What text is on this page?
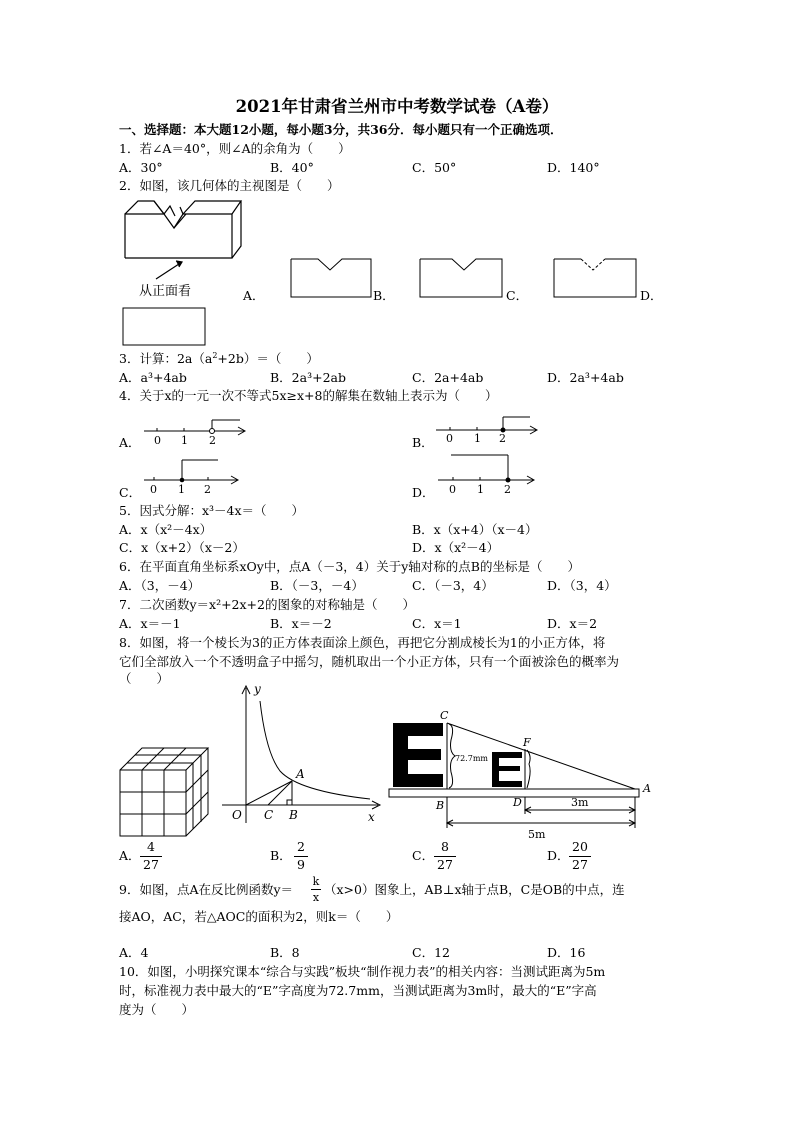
2021年甘肃省兰州市中考数学试卷（A卷）
一、选择题：本大题12小题，每小题3分，共36分．每小题只有一个正确选项．
1．若∠A＝40°，则∠A的余角为（　　）
A．30°	B．40°	C．50°	D．140°
2．如图，该几何体的主视图是（　　）
从正面看	A．	B．	C．	D．
3．计算：$2a(a^2+2b)=$（　　）
A．a³+4ab	B．2a³+2ab	C．2a+4ab	D．2a³+4ab
4．关于x的一元一次不等式5x≥x+8的解集在数轴上表示为（　　）
A． 0 1 2	B． 0 1 2
C． 0 1 2	D． 0 1 2
5．因式分解：x³－4x＝（　　）
A．x（x²－4x）	B．x（x+4）（x－4）
C．x（x+2）（x－2）	D．x（x²－4）
6．在平面直角坐标系xOy中，点A（－3，4）关于y轴对称的点B的坐标是（　　）
A．（3，－4）	B．（－3，－4）	C．（－3，4）	D．（3，4）
7．二次函数y＝x²+2x+2的图象的对称轴是（　　）
A．x＝－1	B．x＝－2	C．x＝1	D．x＝2
8．如图，将一个棱长为3的正方体表面涂上颜色，再把它分割成棱长为1的小正方体，将
它们全部放入一个不透明盒子中摇匀，随机取出一个小正方体，只有一个面被涂色的概率为
（　　）
y
x
O C B
A
C
F
B	D
A
72.7mm
3m
5m
A．
4
27
B．
2
9
C．
8
27
D．
20
27
9．如图，点A在反比例函数y＝
k
x
（x>0）图象上，AB⊥x轴于点B，C是OB的中点，连
接AO，AC，若△AOC的面积为2，则k＝（　　）
A．4	B．8	C．12	D．16
10．如图，小明探究课本“综合与实践”板块“制作视力表”的相关内容：当测试距离为5m
时，标准视力表中最大的“E”字高度为72.7mm，当测试距离为3m时，最大的“E”字高
度为（　　）
